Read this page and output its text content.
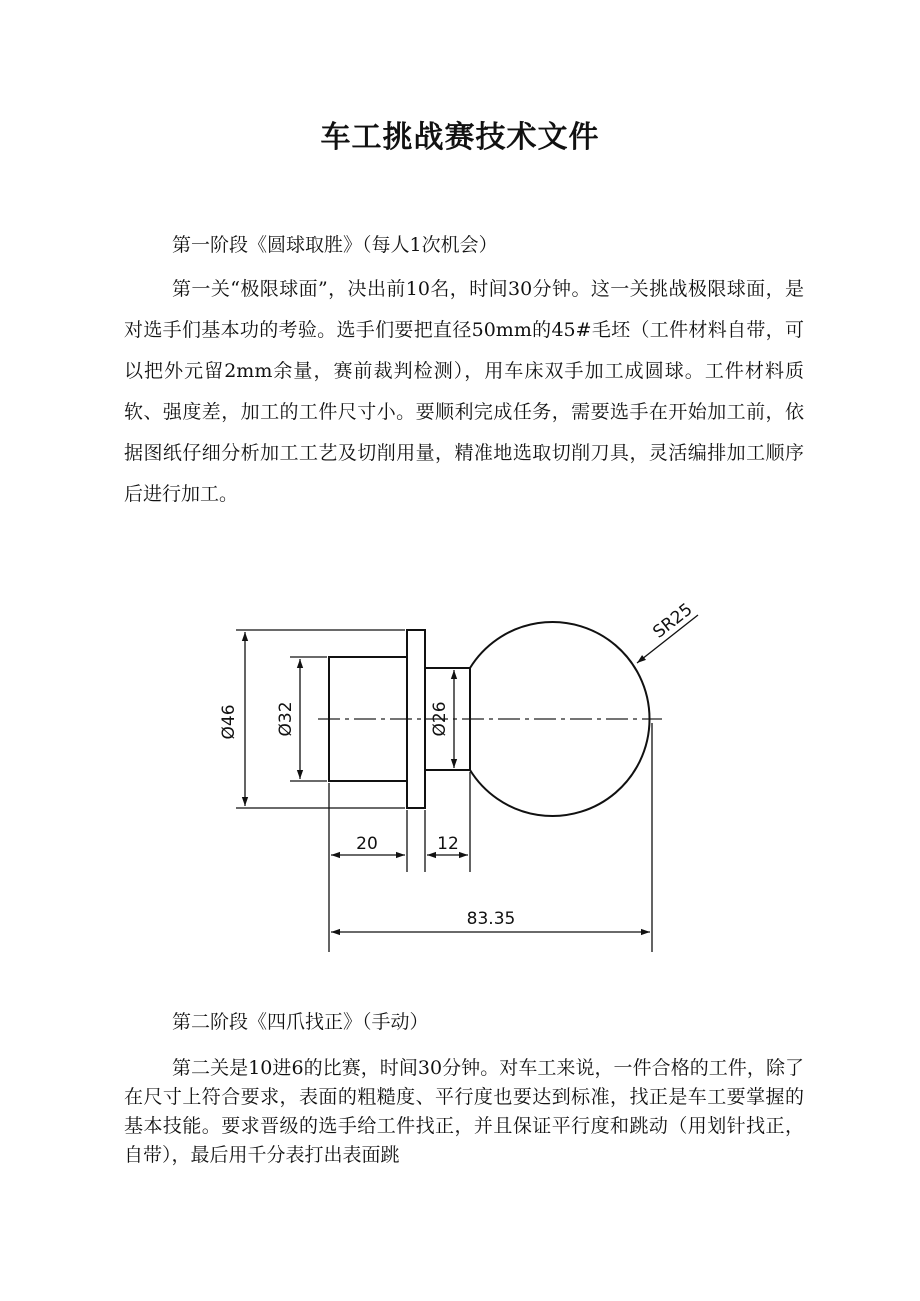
车工挑战赛技术文件
第一阶段《圆球取胜》（每人1次机会）

第一关“极限球面”，决出前10名，时间30分钟。这一关挑战极限球面，是对选手们基本功的考验。选手们要把直径50mm的45#毛坯（工件材料自带，可以把外元留2mm余量，赛前裁判检测），用车床双手加工成圆球。工件材料质软、强度差，加工的工件尺寸小。要顺利完成任务，需要选手在开始加工前，依据图纸仔细分析加工工艺及切削用量，精准地选取切削刀具，灵活编排加工顺序后进行加工。

Ø46 Ø32	Ø26
SR25
20	12
83.35
第二阶段《四爪找正》（手动）

第二关是10进6的比赛，时间30分钟。对车工来说，一件合格的工件，除了在尺寸上符合要求，表面的粗糙度、平行度也要达到标准，找正是车工要掌握的基本技能。要求晋级的选手给工件找正，并且保证平行度和跳动（用划针找正，自带），最后用千分表打出表面跳
